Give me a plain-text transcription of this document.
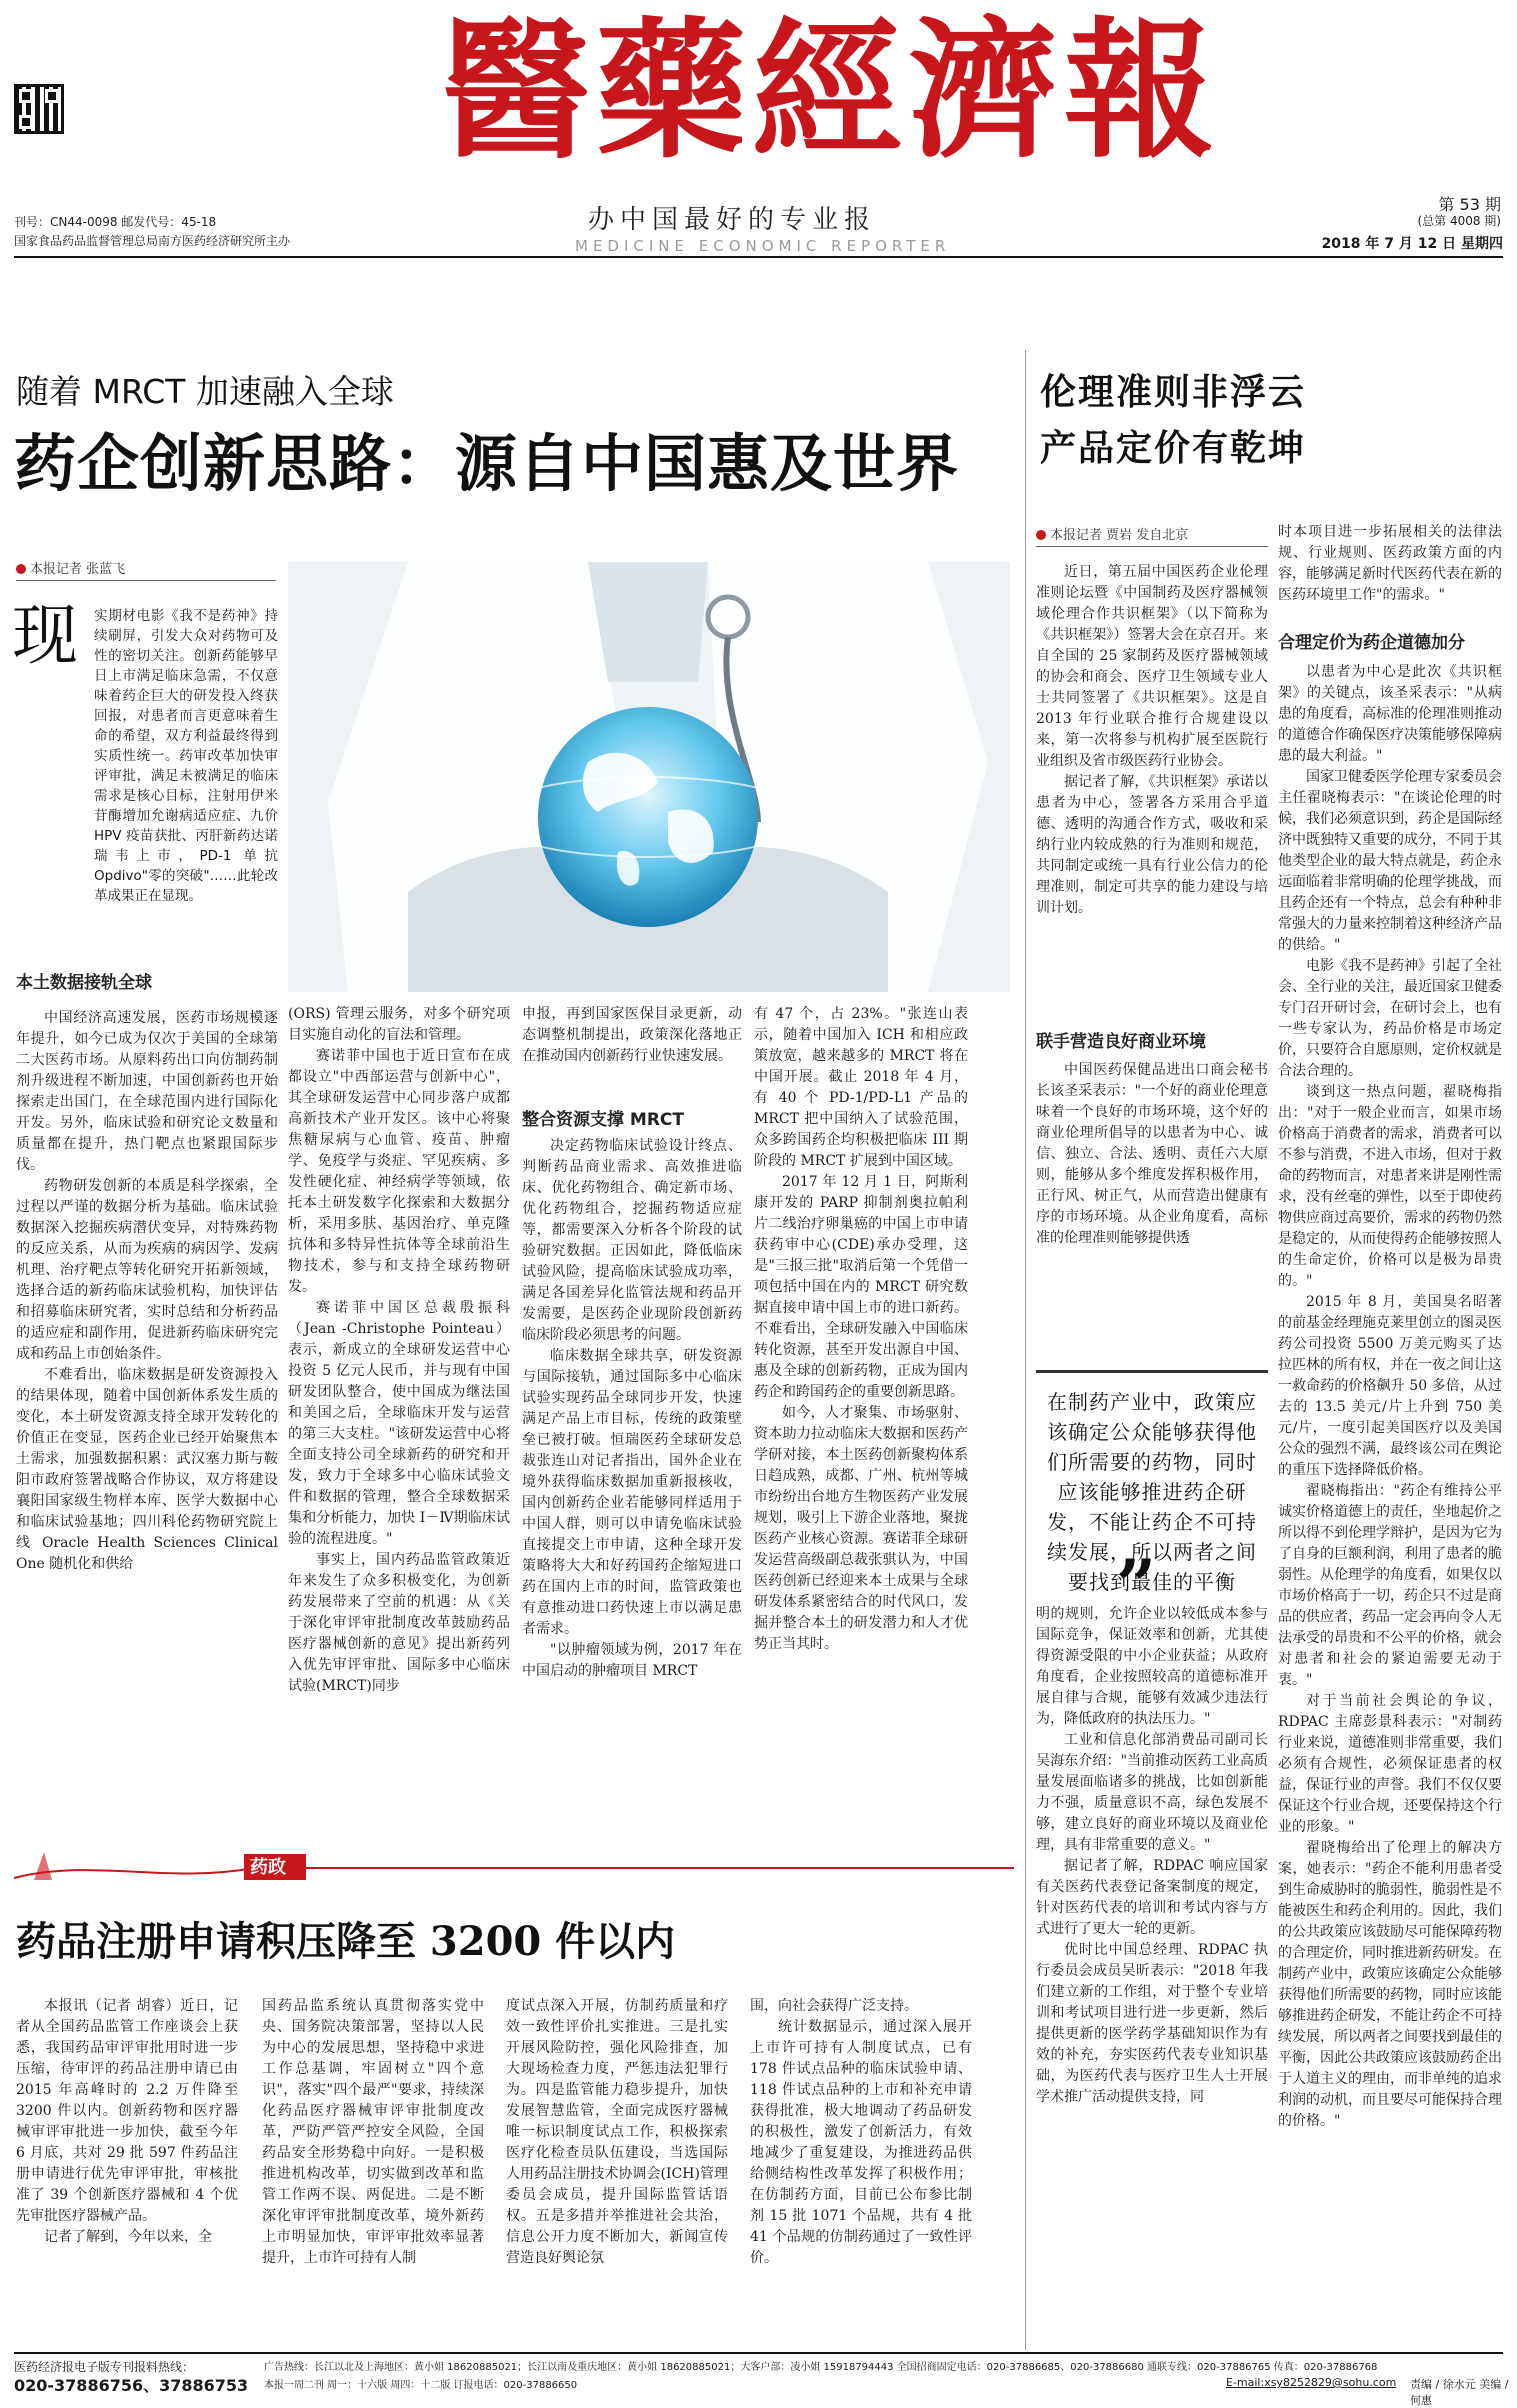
刊号：CN44-0098 邮发代号：45-18
国家食品药品监督管理总局南方医药经济研究所主办
醫藥經濟報
办中国最好的专业报
MEDICINE ECONOMIC REPORTER
第 53 期
(总第 4008 期)
2018 年 7 月 12 日 星期四
随着 MRCT 加速融入全球
药企创新思路：源自中国惠及世界
本报记者 张蓝飞
现 实期材电影《我不是药神》持续刷屏，引发大众对药物可及性的密切关注。创新药能够早日上市满足临床急需，不仅意味着药企巨大的研发投入终获回报，对患者而言更意味着生命的希望，双方利益最终得到实质性统一。药审改革加快审评审批，满足未被满足的临床需求是核心目标，注射用伊米苷酶增加允谢病适应症、九价 HPV 疫苗获批、丙肝新药达诺瑞韦上市，PD-1 单抗 Opdivo"零的突破"……此轮改革成果正在显现。
本土数据接轨全球

中国经济高速发展，医药市场规模逐年提升，如今已成为仅次于美国的全球第二大医药市场。从原料药出口向仿制药制剂升级进程不断加速，中国创新药也开始探索走出国门，在全球范围内进行国际化开发。另外，临床试验和研究论文数量和质量都在提升，热门靶点也紧跟国际步伐。

药物研发创新的本质是科学探索，全过程以严谨的数据分析为基础。临床试验数据深入挖掘疾病潜伏变异，对特殊药物的反应关系，从而为疾病的病因学、发病机理、治疗靶点等转化研究开拓新领域，选择合适的新药临床试验机构，加快评估和招募临床研究者，实时总结和分析药品的适应症和副作用，促进新药临床研究完成和药品上市创始条件。

不难看出，临床数据是研发资源投入的结果体现，随着中国创新体系发生质的变化，本土研发资源支持全球开发转化的价值正在变显，医药企业已经开始聚焦本土需求，加强数据积累：武汉塞力斯与鞍阳市政府签署战略合作协议，双方将建设襄阳国家级生物样本库、医学大数据中心和临床试验基地；四川科伦药物研究院上线 Oracle Health Sciences Clinical One 随机化和供给

(ORS) 管理云服务，对多个研究项目实施自动化的盲法和管理。

赛诺菲中国也于近日宣布在成都设立"中西部运营与创新中心"，其全球研发运营中心同步落户成都高新技术产业开发区。该中心将聚焦糖尿病与心血管、疫苗、肿瘤学、免疫学与炎症、罕见疾病、多发性硬化症、神经病学等领域，依托本土研发数字化探索和大数据分析，采用多肤、基因治疗、单克隆抗体和多特异性抗体等全球前沿生物技术，参与和支持全球药物研发。

赛诺菲中国区总裁殷振科（Jean -Christophe Pointeau）表示，新成立的全球研发运营中心投资 5 亿元人民币，并与现有中国研发团队整合，使中国成为继法国和美国之后，全球临床开发与运营的第三大支柱。"该研发运营中心将全面支持公司全球新药的研究和开发，致力于全球多中心临床试验文件和数据的管理，整合全球数据采集和分析能力，加快 I－Ⅳ期临床试验的流程进度。"

事实上，国内药品监管政策近年来发生了众多积极变化，为创新药发展带来了空前的机遇：从《关于深化审评审批制度改革鼓励药品医疗器械创新的意见》提出新药列入优先审评审批、国际多中心临床试验(MRCT)同步

申报，再到国家医保目录更新，动态调整机制提出，政策深化落地正在推动国内创新药行业快速发展。

整合资源支撑 MRCT

决定药物临床试验设计终点、判断药品商业需求、高效推进临床、优化药物组合、确定新市场、优化药物组合，挖掘药物适应症等，都需要深入分析各个阶段的试验研究数据。正因如此，降低临床试验风险，提高临床试验成功率，满足各国差异化监管法规和药品开发需要，是医药企业现阶段创新药临床阶段必须思考的问题。

临床数据全球共享，研发资源与国际接轨，通过国际多中心临床试验实现药品全球同步开发，快速满足产品上市目标，传统的政策壁垒已被打破。恒瑞医药全球研发总裁张连山对记者指出，国外企业在境外获得临床数据加重新报核收，国内创新药企业若能够同样适用于中国人群，则可以申请免临床试验直接提交上市申请，这种全球开发策略将大大和好药国药企缩短进口药在国内上市的时间，监管政策也有意推动进口药快速上市以满足患者需求。

"以肿瘤领域为例，2017 年在中国启动的肿瘤项目 MRCT

有 47 个，占 23%。"张连山表示，随着中国加入 ICH 和相应政策放宽，越来越多的 MRCT 将在中国开展。截止 2018 年 4 月，有 40 个 PD-1/PD-L1 产品的 MRCT 把中国纳入了试验范围，众多跨国药企均积极把临床 III 期阶段的 MRCT 扩展到中国区域。

2017 年 12 月 1 日，阿斯利康开发的 PARP 抑制剂奥拉帕利片二线治疗卵巢癌的中国上市申请获药审中心(CDE)承办受理，这是"三报三批"取消后第一个凭借一项包括中国在内的 MRCT 研究数据直接申请中国上市的进口新药。不难看出，全球研发融入中国临床转化资源，甚至开发出源自中国、惠及全球的创新药物，正成为国内药企和跨国药企的重要创新思路。

如今，人才聚集、市场驱射、资本助力拉动临床大数据和医药产学研对接，本土医药创新聚构体系日趋成熟，成都、广州、杭州等城市纷纷出台地方生物医药产业发展规划，吸引上下游企业落地，聚拢医药产业核心资源。赛诺菲全球研发运营高级副总裁张骐认为，中国医药创新已经迎来本土成果与全球研发体系紧密结合的时代风口，发掘并整合本土的研发潜力和人才优势正当其时。

药政
药品注册申请积压降至 3200 件以内

本报讯（记者 胡睿）近日，记者从全国药品监管工作座谈会上获悉，我国药品审评审批用时进一步压缩，待审评的药品注册申请已由 2015 年高峰时的 2.2 万件降至 3200 件以内。创新药物和医疗器械审评审批进一步加快，截至今年 6 月底，共对 29 批 597 件药品注册申请进行优先审评审批，审核批准了 39 个创新医疗器械和 4 个优先审批医疗器械产品。

记者了解到，今年以来，全

国药品监系统认真贯彻落实党中央、国务院决策部署，坚持以人民为中心的发展思想，坚持稳中求进工作总基调，牢固树立"四个意识"，落实"四个最严"要求，持续深化药品医疗器械审评审批制度改革，严防严管严控安全风险，全国药品安全形势稳中向好。一是积极推进机构改革，切实做到改革和监管工作两不误、两促进。二是不断深化审评审批制度改革，境外新药上市明显加快，审评审批效率显著提升，上市许可持有人制

度试点深入开展，仿制药质量和疗效一致性评价扎实推进。三是扎实开展风险防控，强化风险排查，加大现场检查力度，严惩违法犯罪行为。四是监管能力稳步提升，加快发展智慧监管，全面完成医疗器械唯一标识制度试点工作，积极探索医疗化检查员队伍建设，当选国际人用药品注册技术协调会(ICH)管理委员会成员，提升国际监管话语权。五是多措并举推进社会共治，信息公开力度不断加大，新闻宣传营造良好舆论氛

围，向社会获得广泛支持。

统计数据显示，通过深入展开上市许可持有人制度试点，已有 178 件试点品种的临床试验申请、118 件试点品种的上市和补充申请获得批准，极大地调动了药品研发的积极性，激发了创新活力，有效地减少了重复建设，为推进药品供给侧结构性改革发挥了积极作用；在仿制药方面，目前已公布参比制剂 15 批 1071 个品规，共有 4 批 41 个品规的仿制药通过了一致性评价。

伦理准则非浮云
产品定价有乾坤
本报记者 贾岩 发自北京

近日，第五届中国医药企业伦理准则论坛暨《中国制药及医疗器械领域伦理合作共识框架》（以下简称为《共识框架》）签署大会在京召开。来自全国的 25 家制药及医疗器械领域的协会和商会、医疗卫生领域专业人士共同签署了《共识框架》。这是自 2013 年行业联合推行合规建设以来，第一次将参与机构扩展至医院行业组织及省市级医药行业协会。

据记者了解，《共识框架》承诺以患者为中心，签署各方采用合乎道德、透明的沟通合作方式，吸收和采纳行业内较成熟的行为准则和规范，共同制定或统一具有行业公信力的伦理准则，制定可共享的能力建设与培训计划。

联手营造良好商业环境

中国医药保健品进出口商会秘书长该圣采表示："一个好的商业伦理意味着一个良好的市场环境，这个好的商业伦理所倡导的以患者为中心、诚信、独立、合法、透明、责任六大原则，能够从多个维度发挥积极作用，正行风、树正气，从而营造出健康有序的市场环境。从企业角度看，高标准的伦理准则能够提供透

在制药产业中，政策应该确定公众能够获得他们所需要的药物，同时应该能够推进药企研发，不能让药企不可持续发展，所以两者之间要找到最佳的平衡
”

明的规则，允许企业以较低成本参与国际竞争，保证效率和创新，尤其使得资源受限的中小企业获益；从政府角度看，企业按照较高的道德标准开展自律与合规，能够有效减少违法行为，降低政府的执法压力。"

工业和信息化部消费品司副司长吴海东介绍："当前推动医药工业高质量发展面临诸多的挑战，比如创新能力不强，质量意识不高，绿色发展不够，建立良好的商业环境以及商业伦理，具有非常重要的意义。"

据记者了解，RDPAC 响应国家有关医药代表登记备案制度的规定，针对医药代表的培训和考试内容与方式进行了更大一轮的更新。

优时比中国总经理、RDPAC 执行委员会成员吴昕表示："2018 年我们建立新的工作组，对于整个专业培训和考试项目进行进一步更新，然后提供更新的医学药学基础知识作为有效的补充，夯实医药代表专业知识基础，为医药代表与医疗卫生人士开展学术推广活动提供支持，同

时本项目进一步拓展相关的法律法规、行业规则、医药政策方面的内容，能够满足新时代医药代表在新的医药环境里工作"的需求。"

合理定价为药企道德加分

以患者为中心是此次《共识框架》的关键点，该圣采表示："从病患的角度看，高标准的伦理准则推动的道德合作确保医疗决策能够保障病患的最大利益。"

国家卫健委医学伦理专家委员会主任翟晓梅表示："在谈论伦理的时候，我们必须意识到，药企是国际经济中既独特又重要的成分，不同于其他类型企业的最大特点就是，药企永远面临着非常明确的伦理学挑战，而且药企还有一个特点，总会有种种非常强大的力量来控制着这种经济产品的供给。"

电影《我不是药神》引起了全社会、全行业的关注，最近国家卫健委专门召开研讨会，在研讨会上，也有一些专家认为，药品价格是市场定价，只要符合自愿原则，定价权就是合法合理的。

谈到这一热点问题，翟晓梅指出："对于一般企业而言，如果市场价格高于消费者的需求，消费者可以不参与消费，不进入市场，但对于救命的药物而言，对患者来讲是刚性需求，没有丝毫的弹性，以至于即使药物供应商过高要价，需求的药物仍然是稳定的，从而使得药企能够按照人的生命定价，价格可以是极为昂贵的。"

2015 年 8 月，美国臭名昭著的前基金经理施克莱里创立的图灵医药公司投资 5500 万美元购买了达拉匹林的所有权，并在一夜之间让这一救命药的价格飙升 50 多倍，从过去的 13.5 美元/片上升到 750 美元/片，一度引起美国医疗以及美国公众的强烈不满，最终该公司在舆论的重压下选择降低价格。

翟晓梅指出："药企有维持公平诚实价格道德上的责任，坐地起价之所以得不到伦理学辩护，是因为它为了自身的巨额利润，利用了患者的脆弱性。从伦理学的角度看，如果仅以市场价格高于一切，药企只不过是商品的供应者，药品一定会再向令人无法承受的昂贵和不公平的价格，就会对患者和社会的紧迫需要无动于衷。"

对于当前社会舆论的争议，RDPAC 主席彭景科表示："对制药行业来说，道德准则非常重要，我们必须有合规性，必须保证患者的权益，保证行业的声誉。我们不仅仅要保证这个行业合规，还要保持这个行业的形象。"

翟晓梅给出了伦理上的解决方案，她表示："药企不能利用患者受到生命威胁时的脆弱性，脆弱性是不能被医生和药企利用的。因此，我们的公共政策应该鼓励尽可能保障药物的合理定价，同时推进新药研发。在制药产业中，政策应该确定公众能够获得他们所需要的药物，同时应该能够推进药企研发，不能让药企不可持续发展，所以两者之间要找到最佳的平衡，因此公共政策应该鼓励药企出于人道主义的理由，而非单纯的追求利润的动机，而且要尽可能保持合理的价格。"

医药经济报电子版专刊报料热线：
020-37886756、37886753
广告热线：长江以北及上海地区：黄小姐 18620885021；长江以南及重庆地区：黄小姐 18620885021；大客户部：凌小姐 15918794443 全国招商固定电话：020-37886685、020-37886680 通联专线：020-37886765 传真：020-37886768
本报一周二刊 周一：十六版 周四：十二版 订报电话：020-37886650	E-mail:xsy8252829@sohu.com 责编 / 徐水元 美编 / 何惠
